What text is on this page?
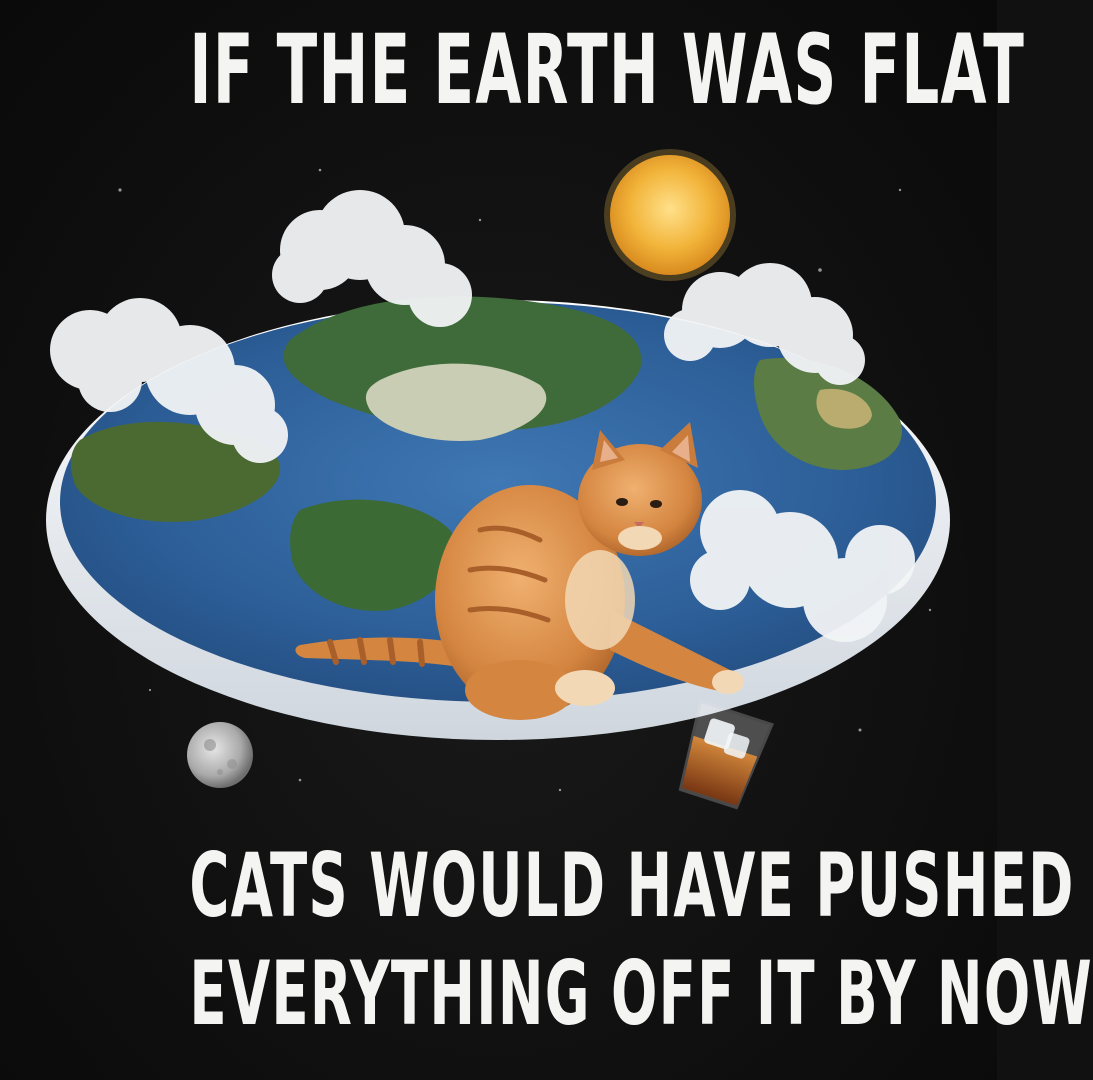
IF THE EARTH WAS FLAT
CATS WOULD HAVE PUSHED
EVERYTHING OFF IT BY NOW
